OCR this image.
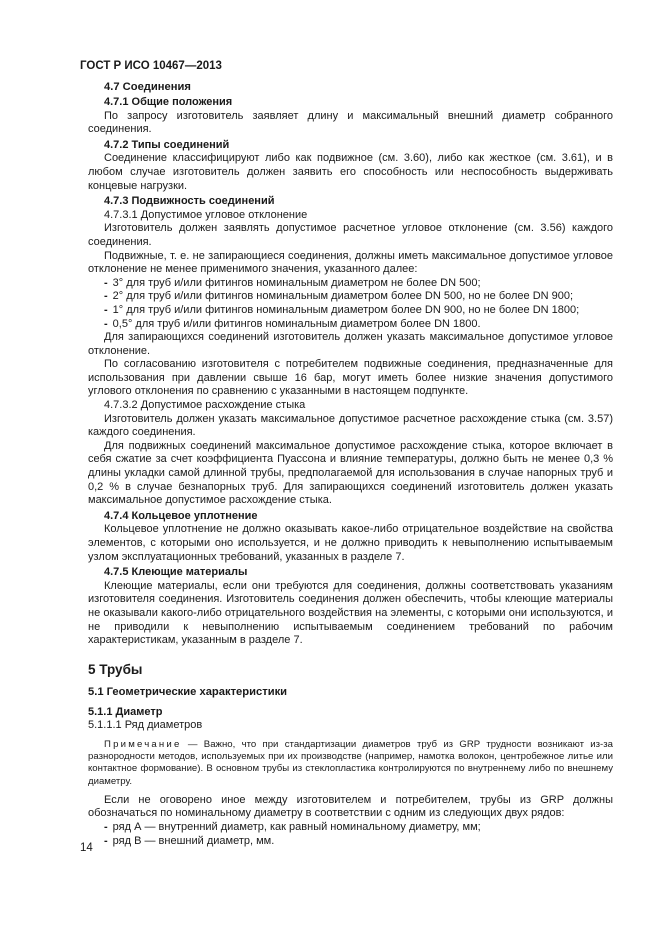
ГОСТ Р ИСО 10467—2013
4.7 Соединения
4.7.1 Общие положения
По запросу изготовитель заявляет длину и максимальный внешний диаметр собранного соединения.
4.7.2 Типы соединений
Соединение классифицируют либо как подвижное (см. 3.60), либо как жесткое (см. 3.61), и в любом случае изготовитель должен заявить его способность или неспособность выдерживать концевые нагрузки.
4.7.3 Подвижность соединений
4.7.3.1 Допустимое угловое отклонение
Изготовитель должен заявлять допустимое расчетное угловое отклонение (см. 3.56) каждого соединения.
Подвижные, т. е. не запирающиеся соединения, должны иметь максимальное допустимое угловое отклонение не менее применимого значения, указанного далее:
- 3° для труб и/или фитингов номинальным диаметром не более DN 500;
- 2° для труб и/или фитингов номинальным диаметром более DN 500, но не более DN 900;
- 1° для труб и/или фитингов номинальным диаметром более DN 900, но не более DN 1800;
- 0,5° для труб и/или фитингов номинальным диаметром более DN 1800.
Для запирающихся соединений изготовитель должен указать максимальное допустимое угловое отклонение.
По согласованию изготовителя с потребителем подвижные соединения, предназначенные для использования при давлении свыше 16 бар, могут иметь более низкие значения допустимого углового отклонения по сравнению с указанными в настоящем подпункте.
4.7.3.2 Допустимое расхождение стыка
Изготовитель должен указать максимальное допустимое расчетное расхождение стыка (см. 3.57) каждого соединения.
Для подвижных соединений максимальное допустимое расхождение стыка, которое включает в себя сжатие за счет коэффициента Пуассона и влияние температуры, должно быть не менее 0,3 % длины укладки самой длинной трубы, предполагаемой для использования в случае напорных труб и 0,2 % в случае безнапорных труб. Для запирающихся соединений изготовитель должен указать максимальное допустимое расхождение стыка.
4.7.4 Кольцевое уплотнение
Кольцевое уплотнение не должно оказывать какое-либо отрицательное воздействие на свойства элементов, с которыми оно используется, и не должно приводить к невыполнению испытываемым узлом эксплуатационных требований, указанных в разделе 7.
4.7.5 Клеющие материалы
Клеющие материалы, если они требуются для соединения, должны соответствовать указаниям изготовителя соединения. Изготовитель соединения должен обеспечить, чтобы клеющие материалы не оказывали какого-либо отрицательного воздействия на элементы, с которыми они используются, и не приводили к невыполнению испытываемым соединением требований по рабочим характеристикам, указанным в разделе 7.
5 Трубы
5.1 Геометрические характеристики
5.1.1 Диаметр
5.1.1.1 Ряд диаметров
Примечание — Важно, что при стандартизации диаметров труб из GRP трудности возникают из-за разнородности методов, используемых при их производстве (например, намотка волокон, центробежное литье или контактное формование). В основном трубы из стеклопластика контролируются по внутреннему либо по внешнему диаметру.
Если не оговорено иное между изготовителем и потребителем, трубы из GRP должны обозначаться по номинальному диаметру в соответствии с одним из следующих двух рядов:
- ряд А — внутренний диаметр, как равный номинальному диаметру, мм;
- ряд В — внешний диаметр, мм.
14
